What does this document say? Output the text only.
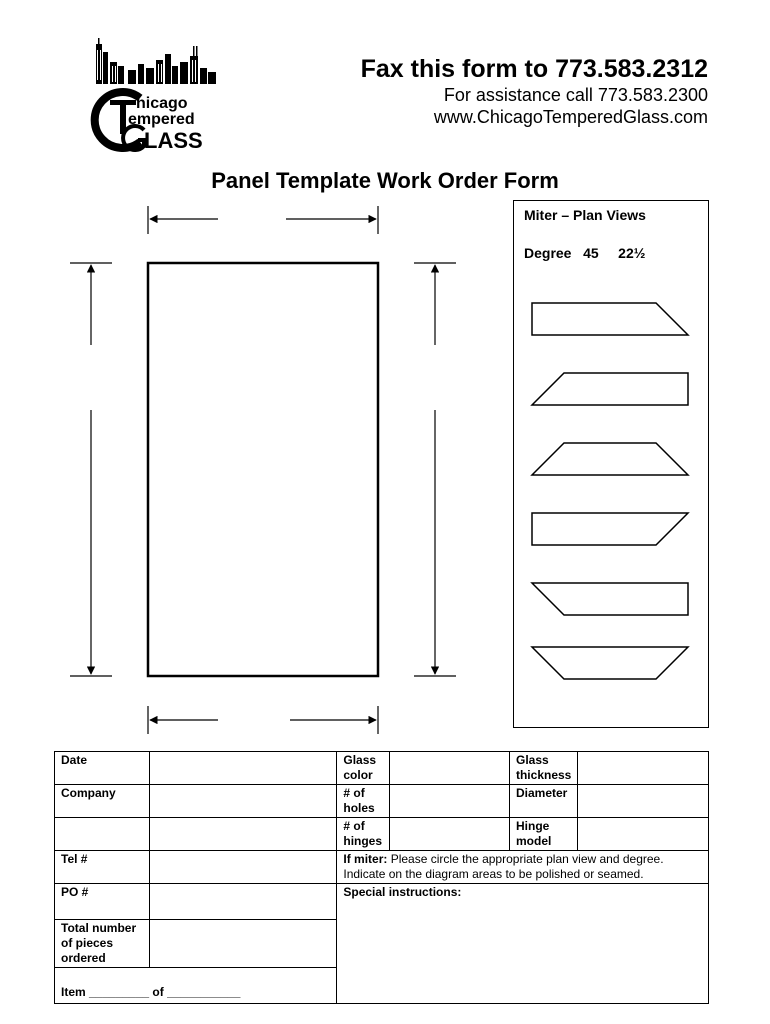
hicago
empered
LASS
Fax this form to 773.583.2312
For assistance call 773.583.2300
www.ChicagoTemperedGlass.com
Panel Template Work Order Form
Miter – Plan Views
Degree   45     22½
Date		Glass color		Glass thickness	
Company		# of holes		Diameter	
		# of hinges		Hinge model	
Tel #		If miter: Please circle the appropriate plan view and degree. Indicate on the diagram areas to be polished or seamed.			
PO #		Special instructions:			
Total number of pieces ordered					
Item _________ of ___________					
